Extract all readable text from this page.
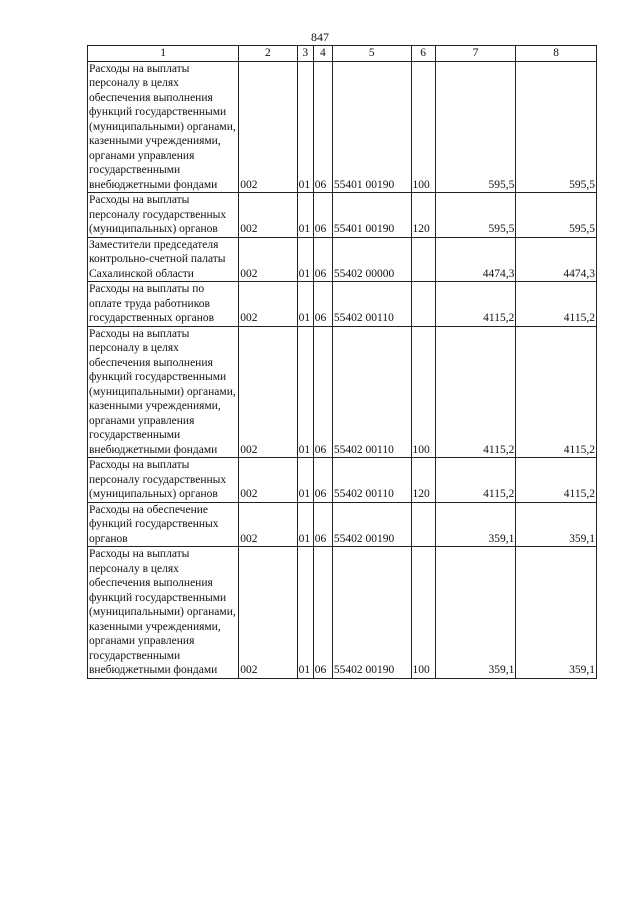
847
1	2	3	4	5	6	7	8
Расходы на выплаты персоналу в целях обеспечения выполнения функций государственными (муниципальными) органами, казенными учреждениями, органами управления государственными внебюджетными фондами	002	01	06	55401 00190	100	595,5	595,5
Расходы на выплаты персоналу государственных (муниципальных) органов	002	01	06	55401 00190	120	595,5	595,5
Заместители председателя контрольно-счетной палаты Сахалинской области	002	01	06	55402 00000		4474,3	4474,3
Расходы на выплаты по оплате труда работников государственных органов	002	01	06	55402 00110		4115,2	4115,2
Расходы на выплаты персоналу в целях обеспечения выполнения функций государственными (муниципальными) органами, казенными учреждениями, органами управления государственными внебюджетными фондами	002	01	06	55402 00110	100	4115,2	4115,2
Расходы на выплаты персоналу государственных (муниципальных) органов	002	01	06	55402 00110	120	4115,2	4115,2
Расходы на обеспечение функций государственных органов	002	01	06	55402 00190		359,1	359,1
Расходы на выплаты персоналу в целях обеспечения выполнения функций государственными (муниципальными) органами, казенными учреждениями, органами управления государственными внебюджетными фондами	002	01	06	55402 00190	100	359,1	359,1
